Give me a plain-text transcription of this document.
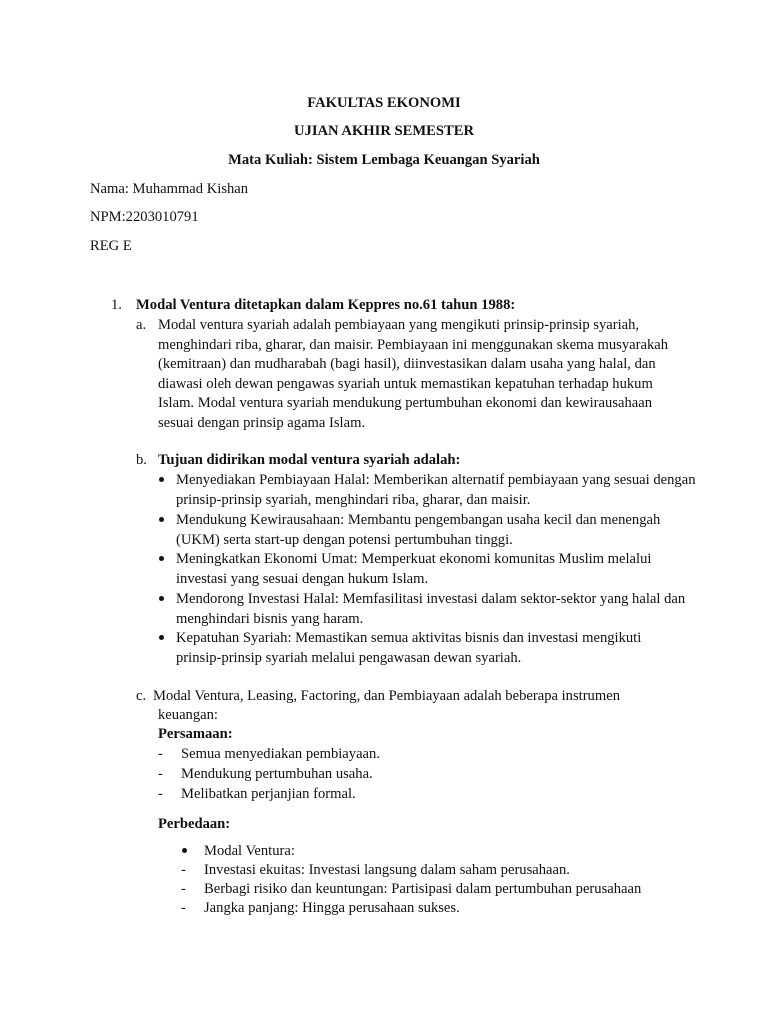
FAKULTAS EKONOMI
UJIAN AKHIR SEMESTER
Mata Kuliah: Sistem Lembaga Keuangan Syariah
Nama: Muhammad Kishan
NPM:2203010791
REG E
1. Modal Ventura ditetapkan dalam Keppres no.61 tahun 1988:
a. Modal ventura syariah adalah pembiayaan yang mengikuti prinsip-prinsip syariah, menghindari riba, gharar, dan maisir. Pembiayaan ini menggunakan skema musyarakah (kemitraan) dan mudharabah (bagi hasil), diinvestasikan dalam usaha yang halal, dan diawasi oleh dewan pengawas syariah untuk memastikan kepatuhan terhadap hukum Islam. Modal ventura syariah mendukung pertumbuhan ekonomi dan kewirausahaan sesuai dengan prinsip agama Islam.
b. Tujuan didirikan modal ventura syariah adalah:
Menyediakan Pembiayaan Halal: Memberikan alternatif pembiayaan yang sesuai dengan prinsip-prinsip syariah, menghindari riba, gharar, dan maisir.
Mendukung Kewirausahaan: Membantu pengembangan usaha kecil dan menengah (UKM) serta start-up dengan potensi pertumbuhan tinggi.
Meningkatkan Ekonomi Umat: Memperkuat ekonomi komunitas Muslim melalui investasi yang sesuai dengan hukum Islam.
Mendorong Investasi Halal: Memfasilitasi investasi dalam sektor-sektor yang halal dan menghindari bisnis yang haram.
Kepatuhan Syariah: Memastikan semua aktivitas bisnis dan investasi mengikuti prinsip-prinsip syariah melalui pengawasan dewan syariah.
c. Modal Ventura, Leasing, Factoring, dan Pembiayaan adalah beberapa instrumen
keuangan:
Persamaan:
- Semua menyediakan pembiayaan.
- Mendukung pertumbuhan usaha.
- Melibatkan perjanjian formal.
Perbedaan:
Modal Ventura:
- Investasi ekuitas: Investasi langsung dalam saham perusahaan.
- Berbagi risiko dan keuntungan: Partisipasi dalam pertumbuhan perusahaan
- Jangka panjang: Hingga perusahaan sukses.
